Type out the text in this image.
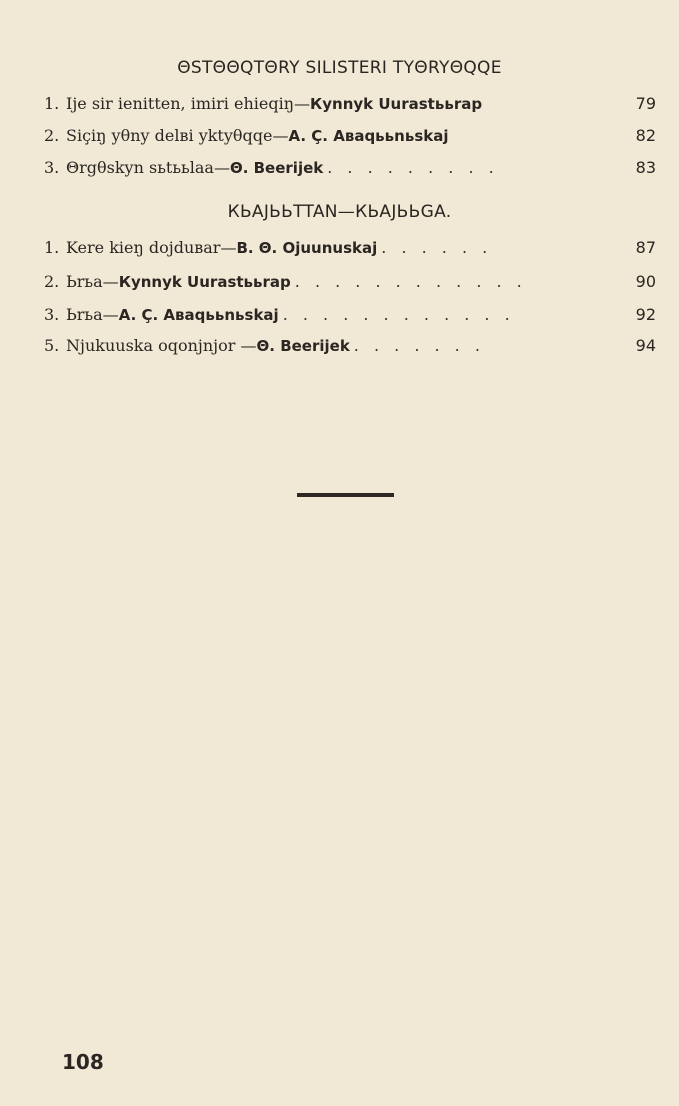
ΘSTΘΘQTΘRY SILISTERI TYΘRYΘQQE
1. Ije sir ienitten, imiri ehieqiŋ— Кynnyk Uurastььrap	79
2. Siçiŋ yθny delвi yktyθqqe— A. Ç. Авaqььnьskaj	82
3. Θrgθskyn sьtььlaa— Θ. Beerijek . . . . . . . . .	83
КЬAJЬЬTTAN—КЬAJЬЬGA.
1. Kere kieŋ dojduвar— B. Θ. Ojuunuskaj . . . . . .	87
2. Ьrьa— Кynnyk Uurastььrap . . . . . . . . . . . .	90
3. Ьrьa— A. Ç. Авaqььnьskaj . . . . . . . . . . . .	92
5. Njukuuska oqonjnjor — Θ. Beerijek . . . . . . .	94
108
